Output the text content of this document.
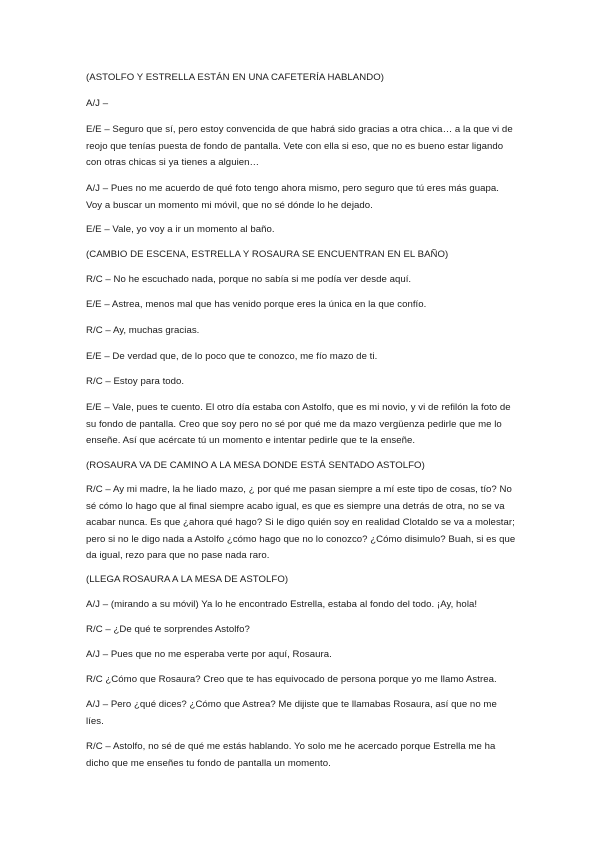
(ASTOLFO Y ESTRELLA ESTÁN EN UNA CAFETERÍA HABLANDO)

A/J –

E/E – Seguro que sí, pero estoy convencida de que habrá sido gracias a otra chica… a la que vi de reojo que tenías puesta de fondo de pantalla. Vete con ella si eso, que no es bueno estar ligando con otras chicas si ya tienes a alguien…

A/J – Pues no me acuerdo de qué foto tengo ahora mismo, pero seguro que tú eres más guapa. Voy a buscar un momento mi móvil, que no sé dónde lo he dejado.

E/E – Vale, yo voy a ir un momento al baño.

(CAMBIO DE ESCENA, ESTRELLA Y ROSAURA SE ENCUENTRAN EN EL BAÑO)

R/C – No he escuchado nada, porque no sabía si me podía ver desde aquí.

E/E – Astrea, menos mal que has venido porque eres la única en la que confío.

R/C – Ay, muchas gracias.

E/E – De verdad que, de lo poco que te conozco, me fío mazo de ti.

R/C – Estoy para todo.

E/E – Vale, pues te cuento. El otro día estaba con Astolfo, que es mi novio, y vi de refilón la foto de su fondo de pantalla. Creo que soy pero no sé por qué me da mazo vergüenza pedirle que me lo enseñe. Así que acércate tú un momento e intentar pedirle que te la enseñe.

(ROSAURA VA DE CAMINO A LA MESA DONDE ESTÁ SENTADO ASTOLFO)

R/C – Ay mi madre, la he liado mazo, ¿ por qué me pasan siempre a mí este tipo de cosas, tío? No sé cómo lo hago que al final siempre acabo igual, es que es siempre una detrás de otra, no se va acabar nunca. Es que ¿ahora qué hago? Si le digo quién soy en realidad Clotaldo se va a molestar; pero si no le digo nada a Astolfo ¿cómo hago que no lo conozco? ¿Cómo disimulo? Buah, si es que da igual, rezo para que no pase nada raro.

(LLEGA ROSAURA A LA MESA DE ASTOLFO)

A/J – (mirando a su móvil) Ya lo he encontrado Estrella, estaba al fondo del todo. ¡Ay, hola!

R/C – ¿De qué te sorprendes Astolfo?

A/J – Pues que no me esperaba verte por aquí, Rosaura.

R/C ¿Cómo que Rosaura? Creo que te has equivocado de persona porque yo me llamo Astrea.

A/J – Pero ¿qué dices? ¿Cómo que Astrea? Me dijiste que te llamabas Rosaura, así que no me líes.

R/C – Astolfo, no sé de qué me estás hablando. Yo solo me he acercado porque Estrella me ha dicho que me enseñes tu fondo de pantalla un momento.
